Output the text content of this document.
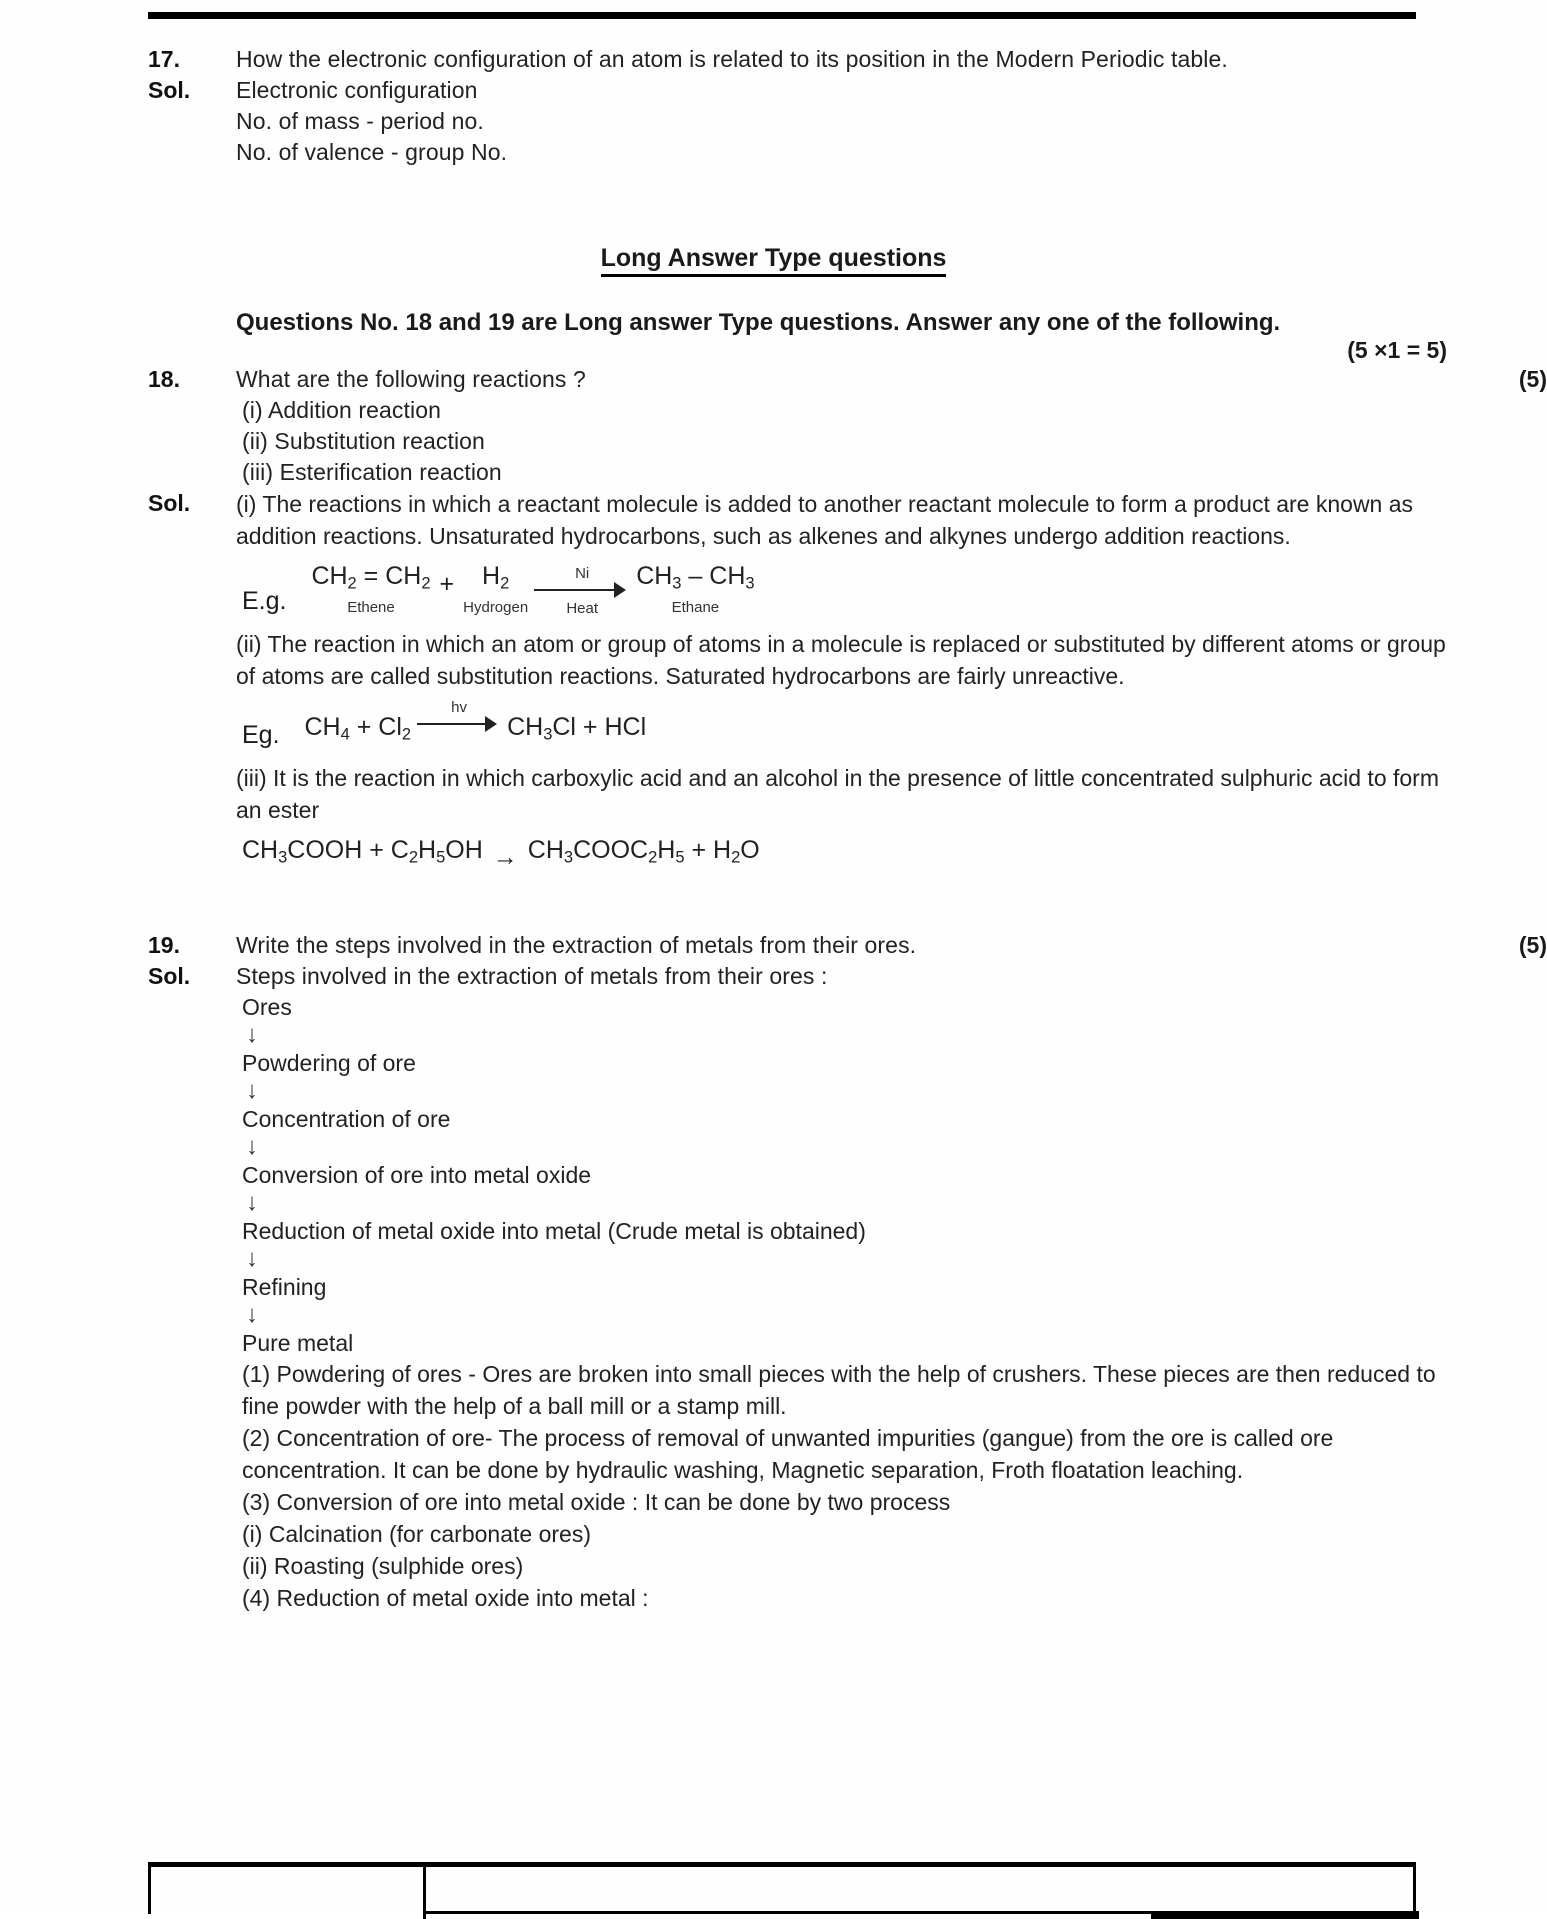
17.	How the electronic configuration of an atom is related to its position in the Modern Periodic table.
Sol.	Electronic configuration
No. of mass - period no.
No. of valence - group No.
Long Answer Type questions
Questions No. 18 and 19 are Long answer Type questions. Answer any one of the following.
(5 ×1 = 5)
18.	What are the following reactions ?	(5)
(i) Addition reaction
(ii) Substitution reaction
(iii) Esterification reaction
Sol.	(i) The reactions in which a reactant molecule is added to another reactant molecule to form a product are known as addition reactions. Unsaturated hydrocarbons, such as alkenes and alkynes undergo addition reactions.
E.g.

$CH_2 = CH_2$
Ethene
+	$H_2$
Hydrogen
Ni
Heat
$CH_3 - CH_3$
Ethane
(ii) The reaction in which an atom or group of atoms in a molecule is replaced or substituted by different atoms or group of atoms are called substitution reactions. Saturated hydrocarbons are fairly unreactive.
Eg.
$CH_4 + Cl_2$
hv
$CH_3Cl$ + HCl
(iii) It is the reaction in which carboxylic acid and an alcohol in the presence of little concentrated sulphuric acid to form an ester
$CH_3COOH + C_2H_5OH$ → $CH_3COOC_2H_5 + H_2O$
19.	Write the steps involved in the extraction of metals from their ores.	(5)
Sol.	Steps involved in the extraction of metals from their ores :
Ores
↓
Powdering of ore
↓
Concentration of ore
↓
Conversion of ore into metal oxide
↓
Reduction of metal oxide into metal (Crude metal is obtained)
↓
Refining
↓
Pure metal
(1) Powdering of ores - Ores are broken into small pieces with the help of crushers. These pieces are then reduced to fine powder with the help of a ball mill or a stamp mill.
(2) Concentration of ore- The process of removal of unwanted impurities (gangue) from the ore is called ore concentration. It can be done by hydraulic washing, Magnetic separation, Froth floatation leaching.
(3) Conversion of ore into metal oxide : It can be done by two process
(i) Calcination (for carbonate ores)
(ii) Roasting (sulphide ores)
(4) Reduction of metal oxide into metal :
